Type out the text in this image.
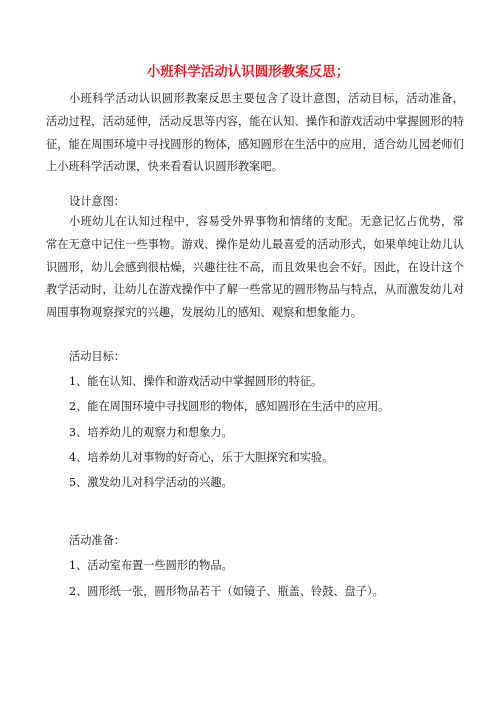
小班科学活动认识圆形教案反思；
小班科学活动认识圆形教案反思主要包含了设计意图，活动目标，活动准备，活动过程，活动延伸，活动反思等内容，能在认知、操作和游戏活动中掌握圆形的特征，能在周围环境中寻找圆形的物体，感知圆形在生活中的应用，适合幼儿园老师们上小班科学活动课，快来看看认识圆形教案吧。
设计意图：
小班幼儿在认知过程中，容易受外界事物和情绪的支配。无意记忆占优势，常常在无意中记住一些事物。游戏、操作是幼儿最喜爱的活动形式，如果单纯让幼儿认识圆形，幼儿会感到很枯燥，兴趣往往不高，而且效果也会不好。因此，在设计这个教学活动时，让幼儿在游戏操作中了解一些常见的圆形物品与特点，从而激发幼儿对周围事物观察探究的兴趣，发展幼儿的感知、观察和想象能力。
活动目标：
1、能在认知、操作和游戏活动中掌握圆形的特征。
2、能在周围环境中寻找圆形的物体，感知圆形在生活中的应用。
3、培养幼儿的观察力和想象力。
4、培养幼儿对事物的好奇心，乐于大胆探究和实验。
5、激发幼儿对科学活动的兴趣。
活动准备：
1、活动室布置一些圆形的物品。
2、圆形纸一张，圆形物品若干（如镜子、瓶盖、铃鼓、盘子）。
